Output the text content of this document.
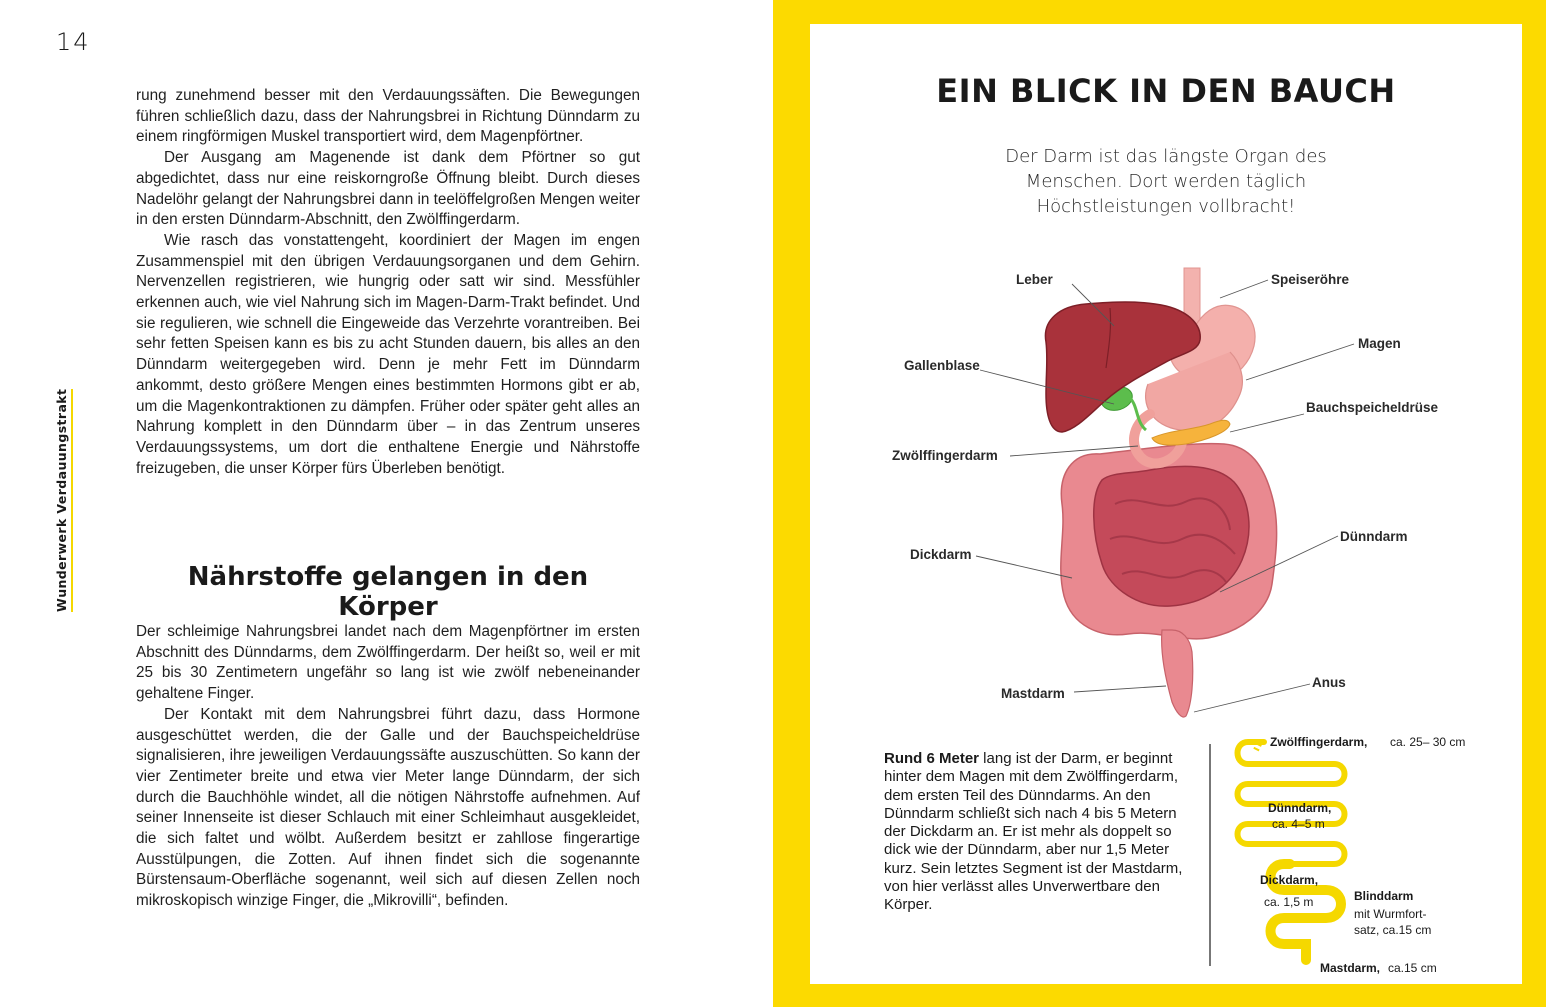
14
Wunderwerk Verdauungstrakt

rung zunehmend besser mit den Verdauungssäften. Die Bewegungen führen schließlich dazu, dass der Nahrungsbrei in Richtung Dünndarm zu einem ringförmigen Muskel transportiert wird, dem Magenpförtner.

Der Ausgang am Magenende ist dank dem Pförtner so gut abgedichtet, dass nur eine reiskorngroße Öffnung bleibt. Durch dieses Nadelöhr gelangt der Nahrungsbrei dann in teelöffelgroßen Mengen weiter in den ersten Dünndarm-Abschnitt, den Zwölffingerdarm.

Wie rasch das vonstattengeht, koordiniert der Magen im engen Zusammenspiel mit den übrigen Verdauungsorganen und dem Gehirn. Nervenzellen registrieren, wie hungrig oder satt wir sind. Messfühler erkennen auch, wie viel Nahrung sich im Magen-Darm-Trakt befindet. Und sie regulieren, wie schnell die Eingeweide das Verzehrte vorantreiben. Bei sehr fetten Speisen kann es bis zu acht Stunden dauern, bis alles an den Dünndarm weitergegeben wird. Denn je mehr Fett im Dünndarm ankommt, desto größere Mengen eines bestimmten Hormons gibt er ab, um die Magenkontraktionen zu dämpfen. Früher oder später geht alles an Nahrung komplett in den Dünndarm über – in das Zentrum unseres Verdauungssystems, um dort die enthaltene Energie und Nährstoffe freizugeben, die unser Körper fürs Überleben benötigt.

Nährstoffe gelangen in den Körper

Der schleimige Nahrungsbrei landet nach dem Magenpförtner im ersten Abschnitt des Dünndarms, dem Zwölffingerdarm. Der heißt so, weil er mit 25 bis 30 Zentimetern ungefähr so lang ist wie zwölf nebeneinander gehaltene Finger.

Der Kontakt mit dem Nahrungsbrei führt dazu, dass Hormone ausgeschüttet werden, die der Galle und der Bauchspeicheldrüse signalisieren, ihre jeweiligen Verdauungssäfte auszuschütten. So kann der vier Zentimeter breite und etwa vier Meter lange Dünndarm, der sich durch die Bauchhöhle windet, all die nötigen Nährstoffe aufnehmen. Auf seiner Innenseite ist dieser Schlauch mit einer Schleimhaut ausgekleidet, die sich faltet und wölbt. Außerdem besitzt er zahllose fingerartige Ausstülpungen, die Zotten. Auf ihnen findet sich die sogenannte Bürstensaum-Oberfläche sogenannt, weil sich auf diesen Zellen noch mikroskopisch winzige Finger, die „Mikrovilli“, befinden.

EIN BLICK IN DEN BAUCH
Der Darm ist das längste Organ des Menschen. Dort werden täglich Höchstleistungen vollbracht!
Leber	Speiseröhre
Magen
Gallenblase
Bauchspeicheldrüse
Zwölffingerdarm
Dünndarm
Dickdarm
Mastdarm
Anus
Rund 6 Meter lang ist der Darm, er beginnt hinter dem Magen mit dem Zwölffingerdarm, dem ersten Teil des Dünndarms. An den Dünndarm schließt sich nach 4 bis 5 Metern der Dickdarm an. Er ist mehr als doppelt so dick wie der Dünndarm, aber nur 1,5 Meter kurz. Sein letztes Segment ist der Mastdarm, von hier verlässt alles Unverwertbare den Körper.
Zwölffingerdarm, ca. 25– 30 cm
Dünndarm,
ca. 4–5 m
Dickdarm,
ca. 1,5 m	Blinddarm
mit Wurmfort-
satz, ca.15 cm
Mastdarm, ca.15 cm
